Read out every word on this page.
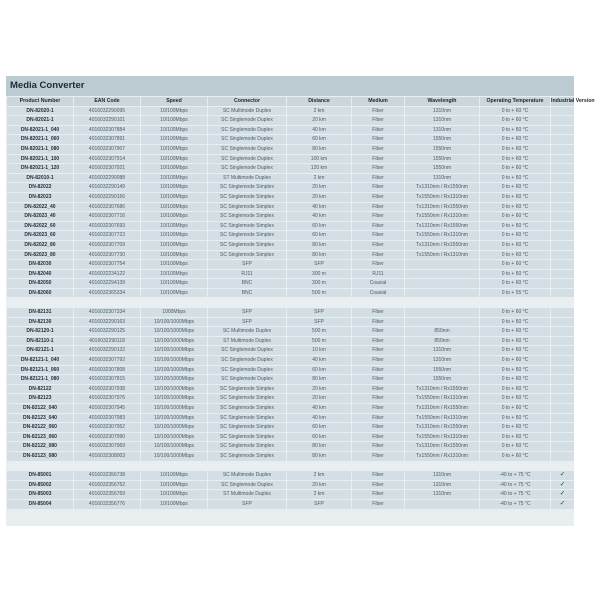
Media Converter
Product Number	EAN Code	Speed	Connector	Distance	Medium	Wavelength	Operating Temperature	Industrial Version
DN-82020-1	4016032290095	10/100Mbps	SC Multimode Duplex	2 km	Fiber	1310nm	0 to + 60 °C	
DN-82021-1	4016032290101	10/100Mbps	SC Singlemode Duplex	20 km	Fiber	1310nm	0 to + 60 °C	
DN-82021-1_040	4016032307884	10/100Mbps	SC Singlemode Duplex	40 km	Fiber	1310nm	0 to + 60 °C	
DN-82021-1_060	4016032307891	10/100Mbps	SC Singlemode Duplex	60 km	Fiber	1550nm	0 to + 60 °C	
DN-82021-1_080	4016032307907	10/100Mbps	SC Singlemode Duplex	80 km	Fiber	1550nm	0 to + 60 °C	
DN-82021-1_100	4016032307914	10/100Mbps	SC Singlemode Duplex	100 km	Fiber	1550nm	0 to + 60 °C	
DN-82021-1_120	4016032307921	10/100Mbps	SC Singlemode Duplex	120 km	Fiber	1550nm	0 to + 60 °C	
DN-82010-1	4016032290088	10/100Mbps	ST Multimode Duplex	2 km	Fiber	1310nm	0 to + 60 °C	
DN-82022	4016032290149	10/100Mbps	SC Singlemode Simplex	20 km	Fiber	Tx1310nm / Rx1550nm	0 to + 60 °C	
DN-82023	4016032290156	10/100Mbps	SC Singlemode Simplex	20 km	Fiber	Tx1550nm / Rx1310nm	0 to + 60 °C	
DN-82022_40	4016032307686	10/100Mbps	SC Singlemode Simplex	40 km	Fiber	Tx1310nm / Rx1550nm	0 to + 60 °C	
DN-82023_40	4016032307716	10/100Mbps	SC Singlemode Simplex	40 km	Fiber	Tx1550nm / Rx1310nm	0 to + 60 °C	
DN-82022_60	4016032307693	10/100Mbps	SC Singlemode Simplex	60 km	Fiber	Tx1310nm / Rx1550nm	0 to + 60 °C	
DN-82023_60	4016032307723	10/100Mbps	SC Singlemode Simplex	60 km	Fiber	Tx1550nm / Rx1310nm	0 to + 60 °C	
DN-82022_80	4016032307709	10/100Mbps	SC Singlemode Simplex	80 km	Fiber	Tx1310nm / Rx1550nm	0 to + 60 °C	
DN-82023_80	4016032307730	10/100Mbps	SC Singlemode Simplex	80 km	Fiber	Tx1550nm / Rx1310nm	0 to + 60 °C	
DN-82030	4016032307754	10/100Mbps	SFP	SFP	Fiber		0 to + 60 °C	
DN-82040	4016032234122	10/100Mbps	RJ11	300 m	RJ11		0 to + 60 °C	
DN-82050	4016032294139	10/100Mbps	BNC	300 m	Coaxial		0 to + 60 °C	
DN-82060	4016032365334	10/100Mbps	BNC	500 m	Coaxial		0 to + 55 °C	

DN-82131	4016032307334	1000Mbps	SFP	SFP	Fiber		0 to + 60 °C	
DN-82130	4016032290163	10/100/1000Mbps	SFP	SFP	Fiber		0 to + 60 °C	
DN-82120-1	4016032290125	10/100/1000Mbps	SC Multimode Duplex	500 m	Fiber	850nm	0 to + 60 °C	
DN-82110-1	4016032290118	10/100/1000Mbps	ST Multimode Duplex	500 m	Fiber	850nm	0 to + 60 °C	
DN-82121-1	4016032290132	10/100/1000Mbps	SC Singlemode Duplex	10 km	Fiber	1310nm	0 to + 60 °C	
DN-82121-1_040	4016032307792	10/100/1000Mbps	SC Singlemode Duplex	40 km	Fiber	1310nm	0 to + 60 °C	
DN-82121-1_060	4016032307808	10/100/1000Mbps	SC Singlemode Duplex	60 km	Fiber	1550nm	0 to + 60 °C	
DN-82121-1_080	4016032307815	10/100/1000Mbps	SC Singlemode Duplex	80 km	Fiber	1550nm	0 to + 60 °C	
DN-82122	4016032307938	10/100/1000Mbps	SC Singlemode Simplex	20 km	Fiber	Tx1310nm / Rx1550nm	0 to + 60 °C	
DN-82123	4016032307976	10/100/1000Mbps	SC Singlemode Simplex	20 km	Fiber	Tx1550nm / Rx1310nm	0 to + 60 °C	
DN-82122_040	4016032307945	10/100/1000Mbps	SC Singlemode Simplex	40 km	Fiber	Tx1310nm / Rx1550nm	0 to + 60 °C	
DN-82123_040	4016032307983	10/100/1000Mbps	SC Singlemode Simplex	40 km	Fiber	Tx1550nm / Rx1310nm	0 to + 60 °C	
DN-82122_060	4016032307952	10/100/1000Mbps	SC Singlemode Simplex	60 km	Fiber	Tx1310nm / Rx1550nm	0 to + 60 °C	
DN-82123_060	4016032307990	10/100/1000Mbps	SC Singlemode Simplex	60 km	Fiber	Tx1550nm / Rx1310nm	0 to + 60 °C	
DN-82122_080	4016032307969	10/100/1000Mbps	SC Singlemode Simplex	80 km	Fiber	Tx1310nm / Rx1550nm	0 to + 60 °C	
DN-82123_080	4016032308003	10/100/1000Mbps	SC Singlemode Simplex	80 km	Fiber	Tx1550nm / Rx1310nm	0 to + 60 °C	

DN-85001	4016032356738	10/100Mbps	SC Multimode Duplex	2 km	Fiber	1310nm	-40 to + 75 °C	✓
DN-85002	4016032356752	10/100Mbps	SC Singlemode Duplex	20 km	Fiber	1310nm	-40 to + 75 °C	✓
DN-85003	4016032356769	10/100Mbps	ST Multimode Duplex	2 km	Fiber	1310nm	-40 to + 75 °C	✓
DN-85004	4016032356776	10/100Mbps	SFP	SFP	Fiber		-40 to + 75 °C	✓
